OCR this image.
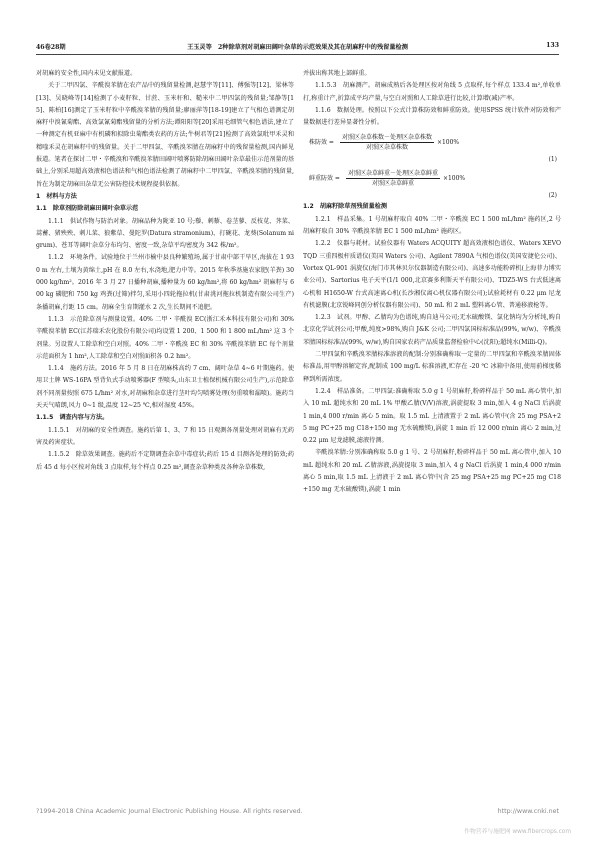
46卷28期	王玉灵等　2种除草剂对胡麻田阔叶杂草的示范效果及其在胡麻籽中的残留量检测	133

对胡麻的安全性,国内未见文献报道。

关于二甲四氯、辛酰溴苯腈在农产品中的残留量检测,赵慧宇等[11]、傅强等[12]、梁林等[13]、吴晓峰等[14]检测了小麦籽粒、甘蔗、玉米秆和、糙米中二甲四氯的残留量;邹静等[15]、陈柏[16]测定了玉米籽粒中辛酰溴苯腈的残留量;廖丽萍等[18-19]建立了气相色谱测定胡麻籽中溴氰菊酯、高效氯氰菊酯残留量的分析方法;谭阳阳等[20]采用毛细管气相色谱法,建立了一种测定有机亚麻中有机磷和拟除虫菊酯类农药的方法;牛树君等[21]检测了高效氯吡甲禾灵和精喹禾灵在胡麻籽中的残留量。关于二甲四氯、辛酰溴苯腈在胡麻籽中的残留量检测,国内鲜见报道。笔者在探讨二甲・辛酰溴和辛酰溴苯腈田阔叶喷雾防除胡麻田阔叶杂草最佳示范剂量的基础上,分别采用超高效液相色谱法和气相色谱法检测了胡麻籽中二甲四氯、辛酰溴苯腈的残留量,旨在为制定胡麻田杂草无公害防控技术规程提供依据。

1　材料与方法

1.1　除草剂防除胡麻田阔叶杂草示范

1.1.1　供试作物与防治对象。胡麻品种为陇亚 10 号;藜、刺藜、卷茎蓼、反枝苋、荠菜、蒿蓄、猪殃殃、刺儿菜、狼紫草、曼陀罗(Datura stramonium)、打碗花、龙葵(Solanum nigrum)、苍耳等阔叶杂草分布均匀、密度一致,杂草平均密度为 342 株/m²。

1.1.2　环境条件。试验地位于兰州市榆中县良种繁殖场,属于甘肃中部干旱区,海拔在 1 930 m 左右,土壤为黄绵土,pH 在 8.0 左右,水浇地,肥力中等。2015 年秋季基施农家肥(羊粪) 30 000 kg/hm²。2016 年 3 月 27 日播种胡麻,播种量为 60 kg/hm²,将 60 kg/hm² 胡麻籽与 600 kg 磷肥和 750 kg 鸡粪(过筛)拌匀,采用小四轮拖拉机(甘肃洮河拖拉机制造有限公司生产)条播胡麻,行距 15 cm。胡麻全生育期灌水 2 次,生长期间不追肥。

1.1.3　示范除草剂与测量设置。40% 二甲・辛酰溴 EC(浙江禾本科技有限公司)和 30% 辛酰溴苯腈 EC(江苏瑞禾农化股份有限公司)均设置 1 200、1 500 和 1 800 mL/hm² 这 3 个剂量。另设置人工除草和空白对照。40% 二甲・辛酰溴 EC 和 30% 辛酰溴苯腈 EC 每个剂量示范面积为 1 hm²,人工除草和空白对照面积各 0.2 hm²。

1.1.4　施药方法。2016 年 5 月 8 日在胡麻株高约 7 cm、阔叶杂草 4~6 叶期施药。使用卫士牌 WS-16PA 型背负式手动喷雾器(F 型喷头,山东卫士植保机械有限公司生产),示范除草剂不同剂量按照 675 L/hm² 对水,对胡麻和杂草进行茎叶均匀喷雾处理(勿重喷和漏喷)。施药当天天气晴朗,风力 0~1 级,温度 12~25 ℃,相对湿度 45%。

1.1.5　调查内容与方法。

1.1.5.1　对胡麻的安全性调查。施药后第 1、3、7 和 15 日观测各剂量处理对胡麻有无药害及药害症状。

1.1.5.2　除草效果调查。施药后不定期调查杂草中毒症状;药后 15 d 目测各处理的防效;药后 45 d 每小区按对角线 3 点取样,每个样点 0.25 m²,调查杂草种类及各种杂草株数,

并拔出称其地上部鲜重。

1.1.5.3　胡麻测产。胡麻成熟后各处理区按对角线 5 点取样,每个样点 133.4 m²,单收单打,称重计产,折算成平均产量,与空白对照和人工除草进行比较,计算增(减)产率。

1.1.6　数据处理。按照以下公式计算株防效和鲜重防效。使用SPSS 统计软件对防效和产量数据进行差异显著性分析。

株防效 = $\frac{\text{对照区杂草株数－处理区杂草株数}}{\text{对照区杂草株数}} \times 100\%$
(1)
鲜重防效 = $\frac{\text{对照区杂草鲜重－处理区杂草鲜重}}{\text{对照区杂草鲜重}} \times 100\%$
(2)

1.2　胡麻籽除草剂残留量检测

1.2.1　样品采集。1 号胡麻籽取自 40% 二甲・辛酰溴 EC 1 500 mL/hm² 施药区,2 号胡麻籽取自 30% 辛酰溴苯腈 EC 1 500 mL/hm² 施药区。

1.2.2　仪器与耗材。试验仪器有 Waters ACQUITY 超高效液相色谱仪、Waters XEVO TQD 三重四极杆质谱仪(美国 Waters 公司)、Agilent 7890A 气相色谱仪(美国安捷伦公司)、Vortex QL-901 涡旋仪(海门市其林贝尔仪器制造有限公司)、高速多功能粉碎机(上海菲力博实业公司)、Sartorius 电子天平(1/1 000,北京赛多利斯天平有限公司)、TDZ5-WS 台式低速离心机和 H1650-W 台式高速离心机(长沙湘仪离心机仪器有限公司);试验耗材有 0.22 μm 尼龙有机滤膜(北京锐峰同创分析仪器有限公司)、50 mL 和 2 mL 塑料离心管、普通移液枪等。

1.2.3　试剂。甲醇、乙腈均为色谱纯,购自迪马公司;无水硫酸镁、氯化钠均为分析纯,购自北京化学试剂公司;甲酸,纯度>98%,购自 J&K 公司;二甲四氯国标标准品(99%, w/w)、辛酰溴苯腈国标标准品(99%, w/w),购自国家农药产品质量监督检验中心(沈阳);超纯水(Milli-Q)。

二甲四氯和辛酰溴苯腈标准溶液的配制:分别准确称取一定量的二甲四氯和辛酰溴苯腈固体标准品,用甲醇溶解定容,配制成 100 mg/L 标准溶液,贮存在 -20 ℃ 冰箱中备用,使用前梯度稀释到所需浓度。

1.2.4　样品准备。二甲四氯:准确称取 5.0 g 1 号胡麻籽,粉碎样品于 50 mL 离心管中,加入 10 mL 超纯水和 20 mL 1% 甲酸乙腈(V/V)溶液,涡旋提取 3 min,加入 4 g NaCl 后涡旋 1 min,4 000 r/min 离心 5 min。取 1.5 mL 上清液置于 2 mL 离心管中(含 25 mg PSA+25 mg PC+25 mg C18+150 mg 无水硫酸镁),涡旋 1 min 后 12 000 r/min 离心 2 min,过 0.22 μm 尼龙滤膜,滤液待测。

辛酰溴苯腈:分别准确称取 5.0 g 1 号、2 号胡麻籽,粉碎样品于 50 mL 离心管中,加入 10 mL 超纯水和 20 mL 乙腈溶液,涡旋提取 3 min,加入 4 g NaCl 后涡旋 1 min,4 000 r/min 离心 5 min,取 1.5 mL 上清液于 2 mL 离心管中(含 25 mg PSA+25 mg PC+25 mg C18+150 mg 无水硫酸镁),涡旋 1 min

?1994-2018 China Academic Journal Electronic Publishing House. All rights reserved.	http://www.cnki.net
作物营养与施肥网 www.fibercrops.com
